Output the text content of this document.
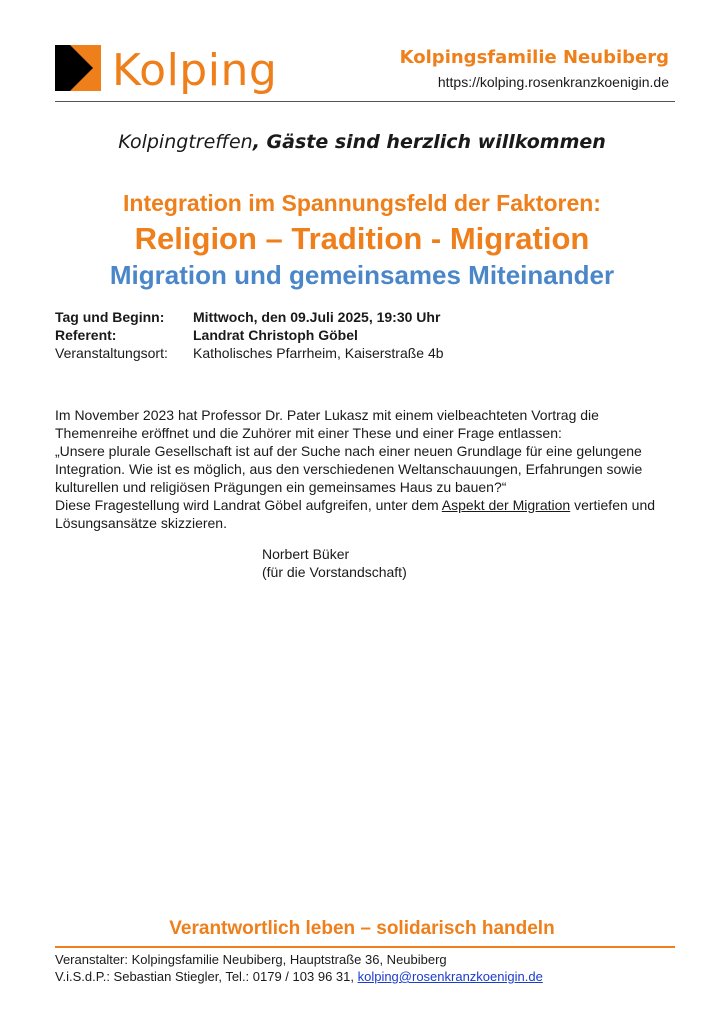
Kolping	Kolpingsfamilie Neubiberg
https://kolping.rosenkranzkoenigin.de
Kolpingtreffen, Gäste sind herzlich willkommen
Integration im Spannungsfeld der Faktoren:
Religion – Tradition - Migration
Migration und gemeinsames Miteinander
Tag und Beginn:	Mittwoch, den 09.Juli 2025, 19:30 Uhr
Referent:	Landrat Christoph Göbel
Veranstaltungsort:	Katholisches Pfarrheim, Kaiserstraße 4b

Im November 2023 hat Professor Dr. Pater Lukasz mit einem vielbeachteten Vortrag die Themenreihe eröffnet und die Zuhörer mit einer These und einer Frage entlassen:

„Unsere plurale Gesellschaft ist auf der Suche nach einer neuen Grundlage für eine gelungene Integration. Wie ist es möglich, aus den verschiedenen Weltanschauungen, Erfahrungen sowie kulturellen und religiösen Prägungen ein gemeinsames Haus zu bauen?“

Diese Fragestellung wird Landrat Göbel aufgreifen, unter dem Aspekt der Migration vertiefen und Lösungsansätze skizzieren.

Norbert Büker
(für die Vorstandschaft)
Verantwortlich leben – solidarisch handeln
Veranstalter: Kolpingsfamilie Neubiberg, Hauptstraße 36, Neubiberg
V.i.S.d.P.: Sebastian Stiegler, Tel.: 0179 / 103 96 31, kolping@rosenkranzkoenigin.de
